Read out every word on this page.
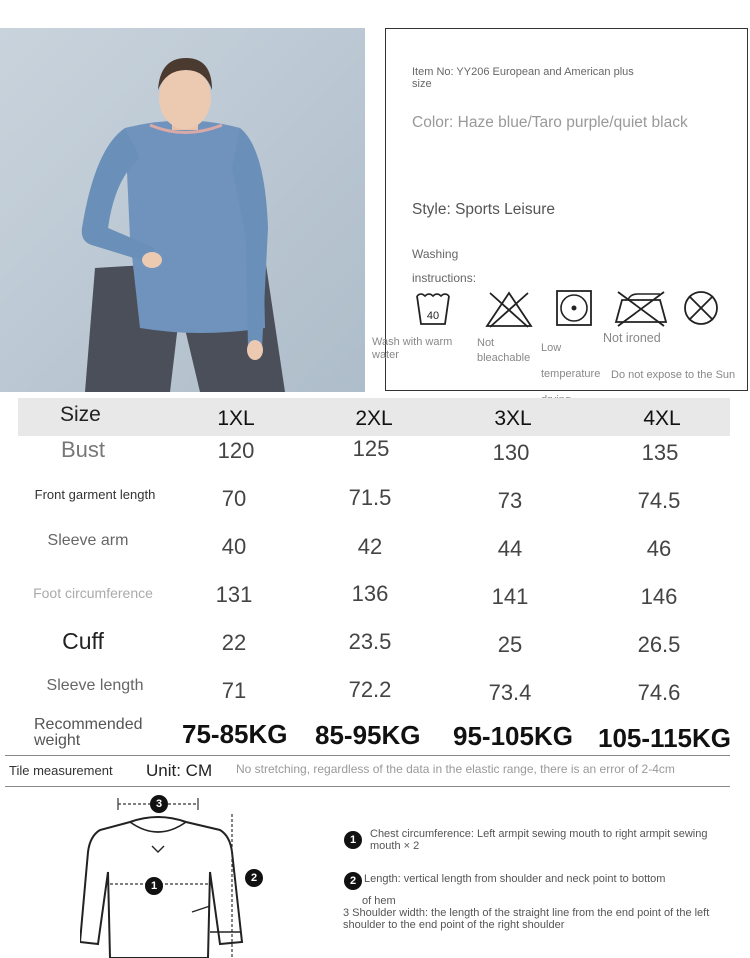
Item No: YY206 European and American plus size
Color: Haze blue/Taro purple/quiet black
Style: Sports Leisure
Washing
instructions:
40
Wash with warm water
Not bleachable
Low temperature
Not ironed
Do not expose to the Sun
Size	1XL	2XL	3XL	4XL
Bust	120	125	130	135
Front garment length	70	71.5	73	74.5
Sleeve arm	40	42	44	46
Foot circumference	131	136	141	146
Cuff	22	23.5	25	26.5
Sleeve length	71	72.2	73.4	74.6
Recommended weight	75-85KG 85-95KG 95-105KG 105-115KG
Tile measurement Unit: CM No stretching, regardless of the data in the elastic range, there is an error of 2-4cm
3
1
2
1	Chest circumference: Left armpit sewing mouth to right armpit sewing mouth × 2
2 Length: vertical length from shoulder and neck point to bottom
of hem
3 Shoulder width: the length of the straight line from the end point of the left shoulder to the end point of the right shoulder
